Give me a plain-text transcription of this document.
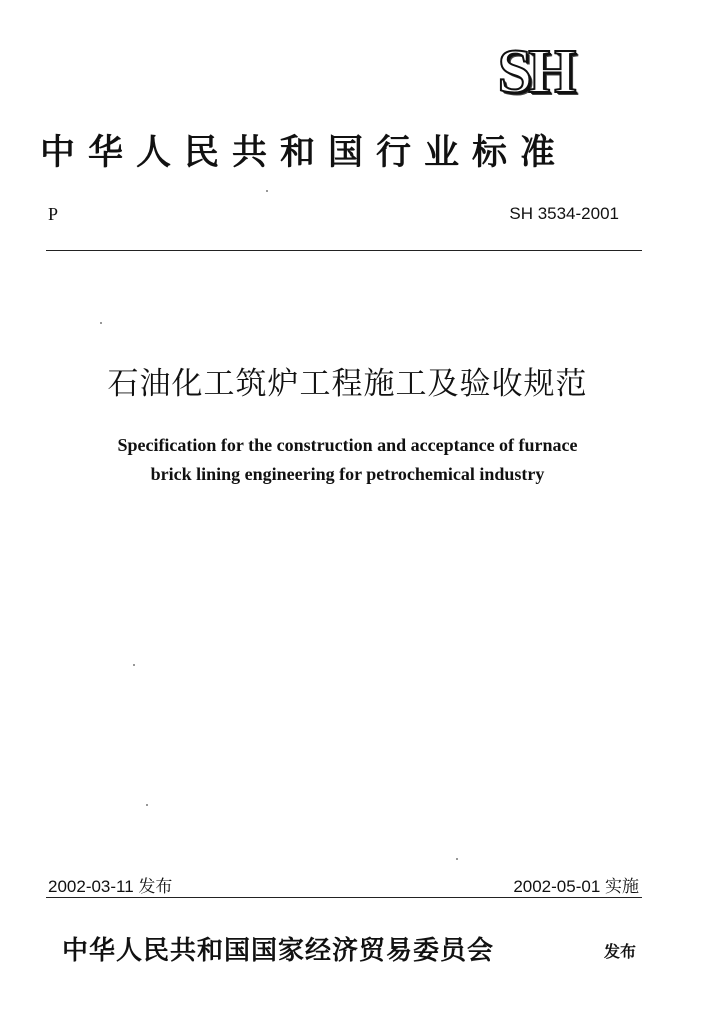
SH
中华人民共和国行业标准
P	SH 3534-2001
石油化工筑炉工程施工及验收规范
Specification for the construction and acceptance of furnace
brick lining engineering for petrochemical industry
2002-03-11 发布	2002-05-01 实施
中华人民共和国国家经济贸易委员会	发布
